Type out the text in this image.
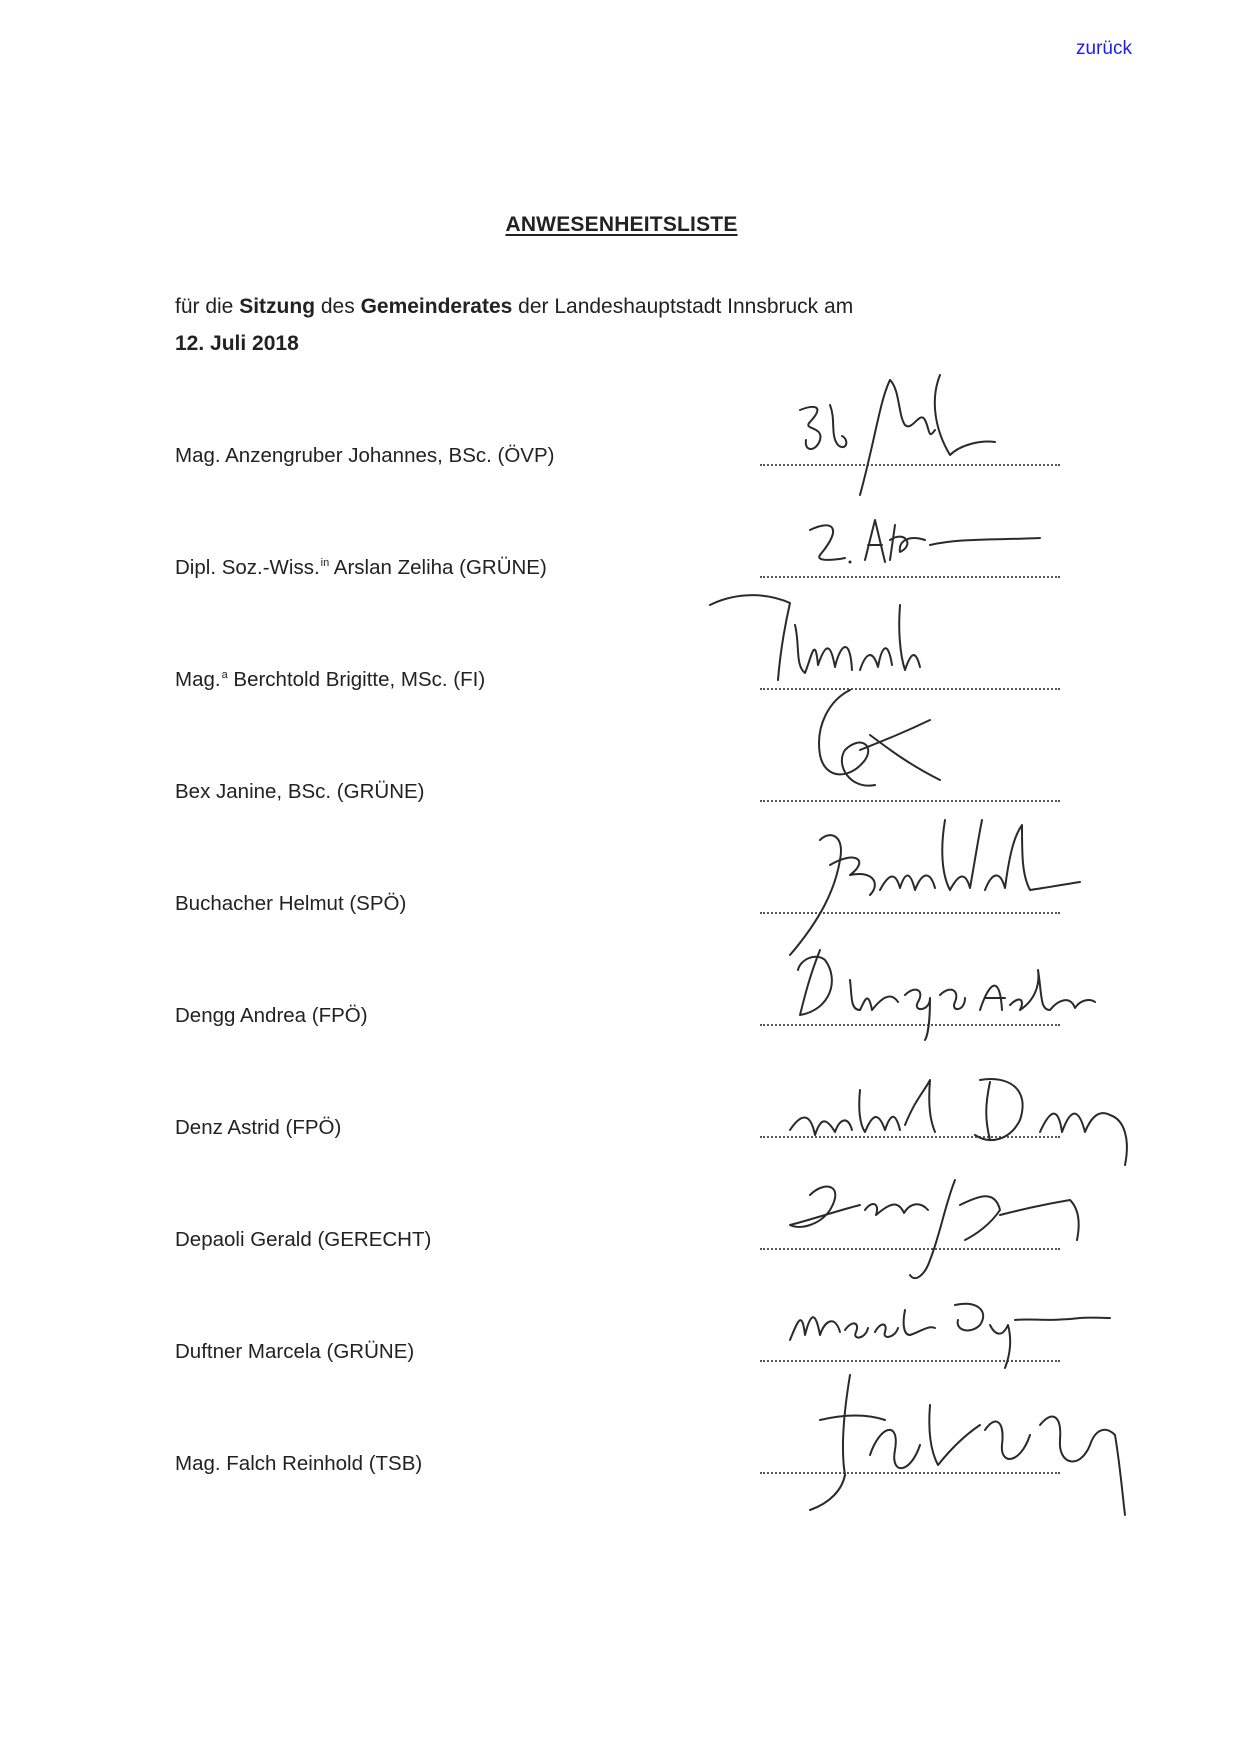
zurück
ANWESENHEITSLISTE
für die Sitzung des Gemeinderates der Landeshauptstadt Innsbruck am
12. Juli 2018
Mag. Anzengruber Johannes, BSc. (ÖVP)
Dipl. Soz.-Wiss.$^{in}$ Arslan Zeliha (GRÜNE)
Mag.$^a$ Berchtold Brigitte, MSc. (FI)
Bex Janine, BSc. (GRÜNE)
Buchacher Helmut (SPÖ)
Dengg Andrea (FPÖ)
Denz Astrid (FPÖ)
Depaoli Gerald (GERECHT)
Duftner Marcela (GRÜNE)
Mag. Falch Reinhold (TSB)
